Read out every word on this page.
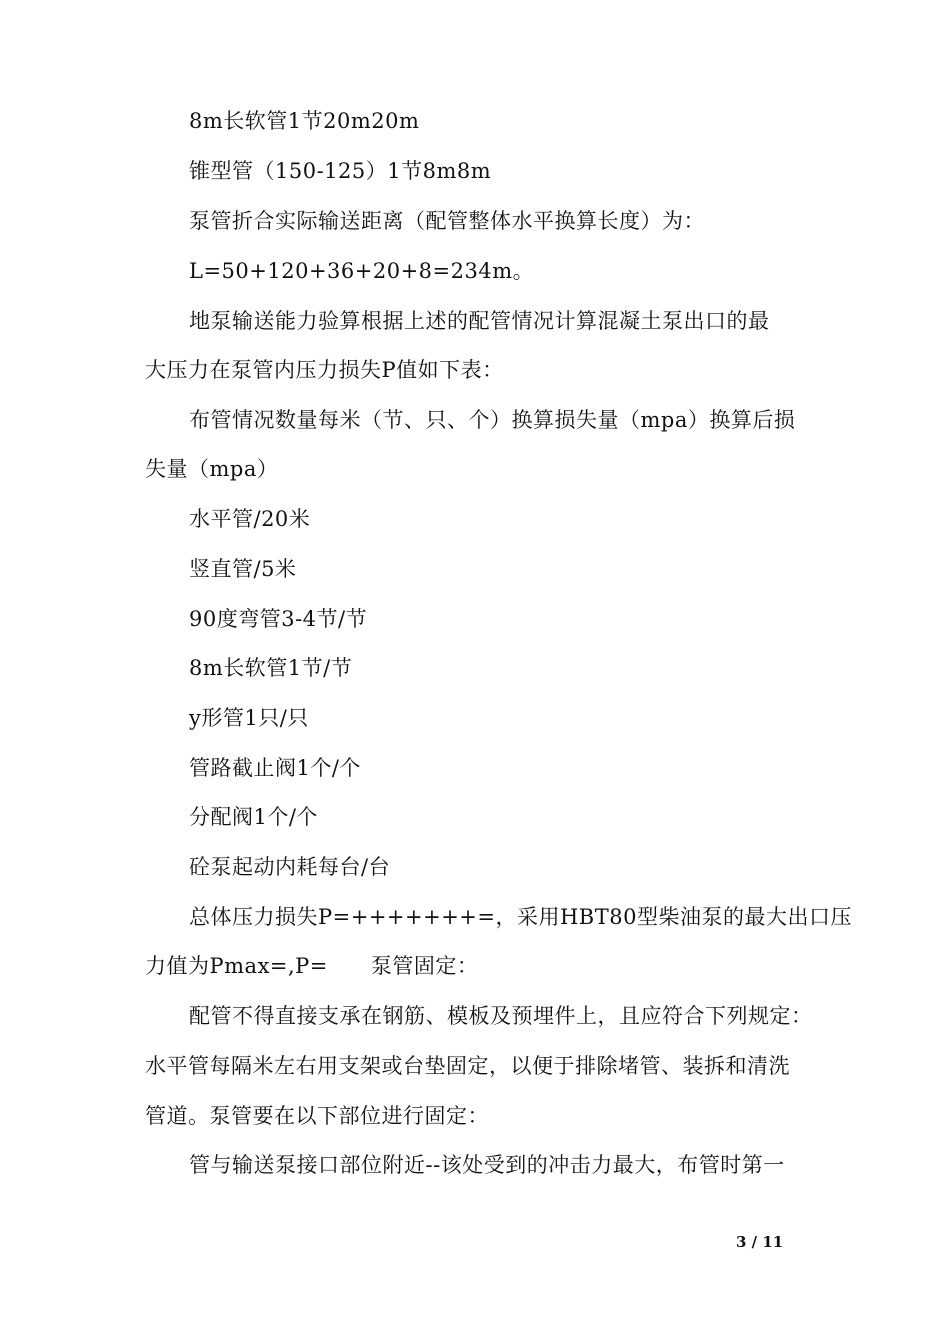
8m长软管1节20m20m
锥型管（150-125）1节8m8m
泵管折合实际输送距离（配管整体水平换算长度）为：
L=50+120+36+20+8=234m。
地泵输送能力验算根据上述的配管情况计算混凝土泵出口的最
大压力在泵管内压力损失P值如下表：
布管情况数量每米（节、只、个）换算损失量（mpa）换算后损
失量（mpa）
水平管/20米
竖直管/5米
90度弯管3-4节/节
8m长软管1节/节
y形管1只/只
管路截止阀1个/个
分配阀1个/个
砼泵起动内耗每台/台
总体压力损失P=+++++++=，采用HBT80型柴油泵的最大出口压
力值为Pmax=,P=　　泵管固定：
配管不得直接支承在钢筋、模板及预埋件上，且应符合下列规定：
水平管每隔米左右用支架或台垫固定，以便于排除堵管、装拆和清洗
管道。泵管要在以下部位进行固定：
管与输送泵接口部位附近--该处受到的冲击力最大，布管时第一
3 / 11
